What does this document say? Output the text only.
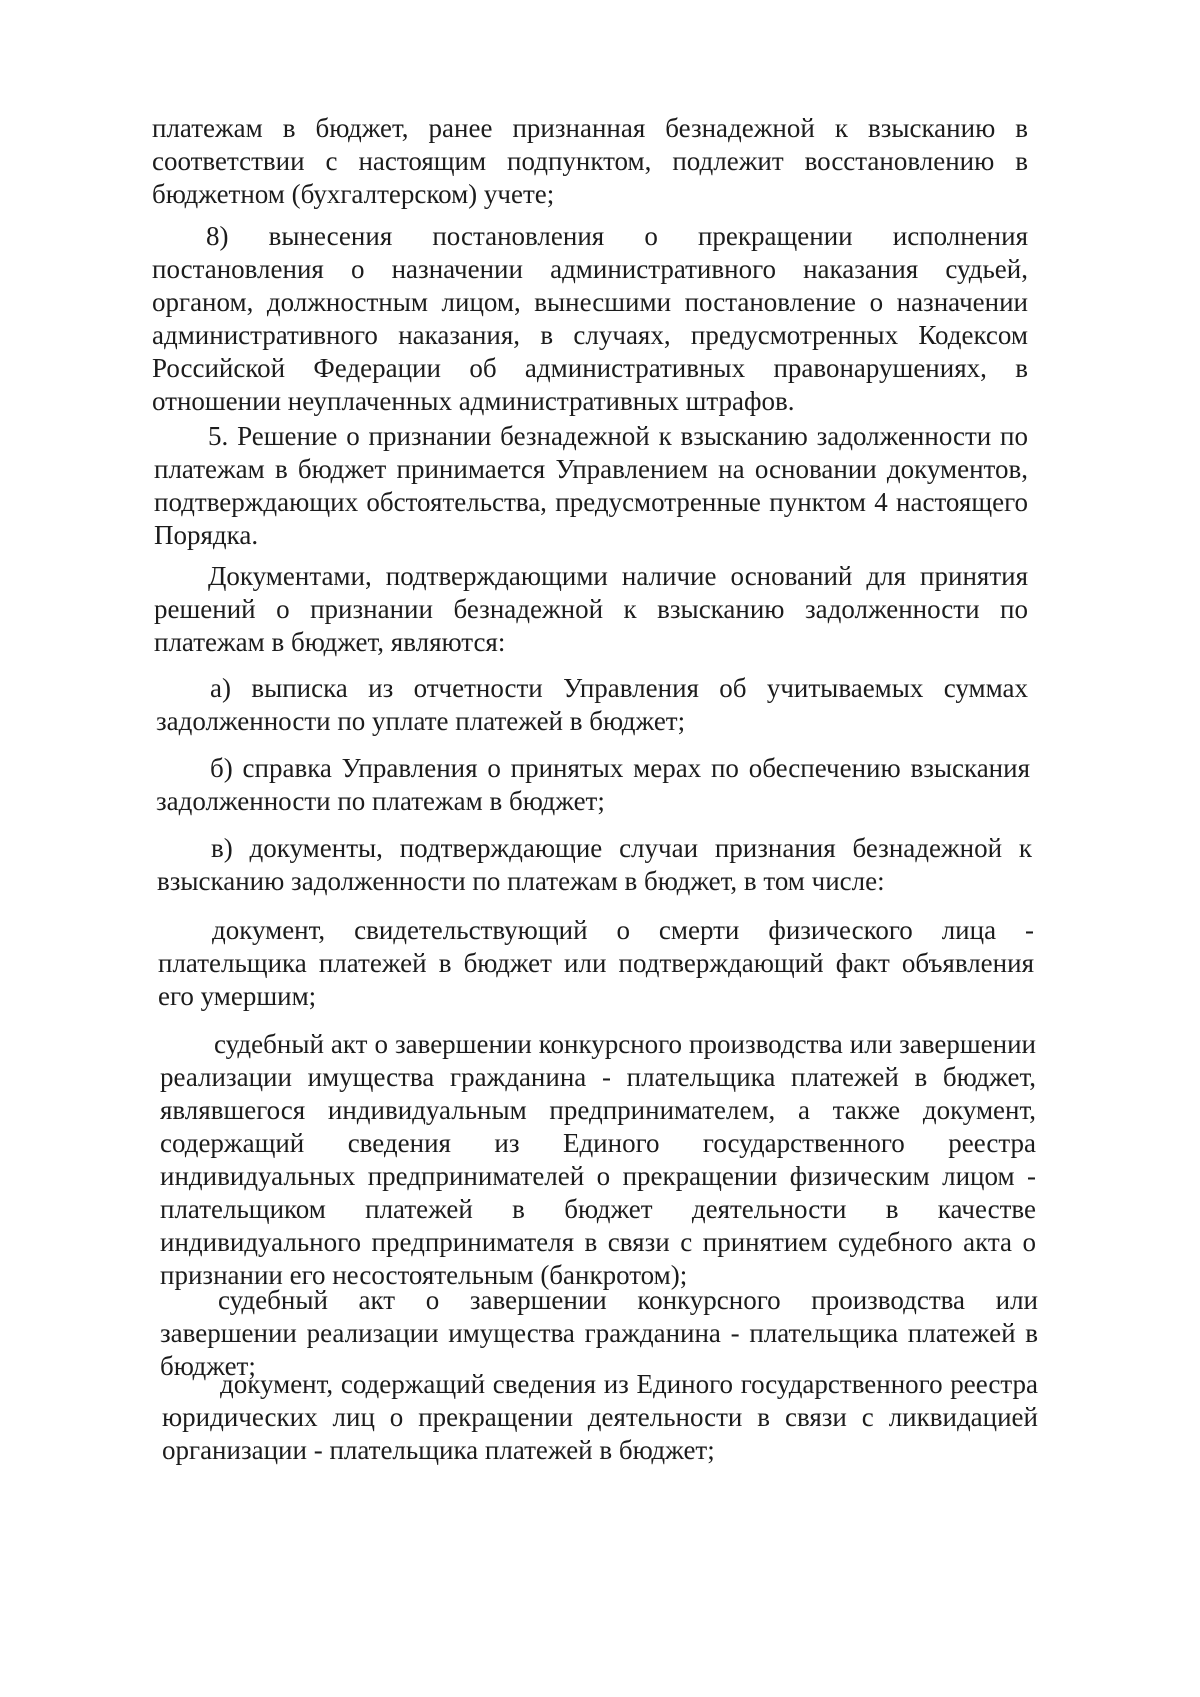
платежам в бюджет, ранее признанная безнадежной к взысканию в соответствии с настоящим подпунктом, подлежит восстановлению в бюджетном (бухгалтерском) учете;

8) вынесения постановления о прекращении исполнения постановления о назначении административного наказания судьей, органом, должностным лицом, вынесшими постановление о назначении административного наказания, в случаях, предусмотренных Кодексом Российской Федерации об административных правонарушениях, в отношении неуплаченных административных штрафов.

5. Решение о признании безнадежной к взысканию задолженности по платежам в бюджет принимается Управлением на основании документов, подтверждающих обстоятельства, предусмотренные пунктом 4 настоящего Порядка.

Документами, подтверждающими наличие оснований для принятия решений о признании безнадежной к взысканию задолженности по платежам в бюджет, являются:

а) выписка из отчетности Управления об учитываемых суммах задолженности по уплате платежей в бюджет;

б) справка Управления о принятых мерах по обеспечению взыскания задолженности по платежам в бюджет;

в) документы, подтверждающие случаи признания безнадежной к взысканию задолженности по платежам в бюджет, в том числе:

документ, свидетельствующий о смерти физического лица - плательщика платежей в бюджет или подтверждающий факт объявления его умершим;

судебный акт о завершении конкурсного производства или завершении реализации имущества гражданина - плательщика платежей в бюджет, являвшегося индивидуальным предпринимателем, а также документ, содержащий сведения из Единого государственного реестра индивидуальных предпринимателей о прекращении физическим лицом - плательщиком платежей в бюджет деятельности в качестве индивидуального предпринимателя в связи с принятием судебного акта о признании его несостоятельным (банкротом);

судебный акт о завершении конкурсного производства или завершении реализации имущества гражданина - плательщика платежей в бюджет;

документ, содержащий сведения из Единого государственного реестра юридических лиц о прекращении деятельности в связи с ликвидацией организации - плательщика платежей в бюджет;
